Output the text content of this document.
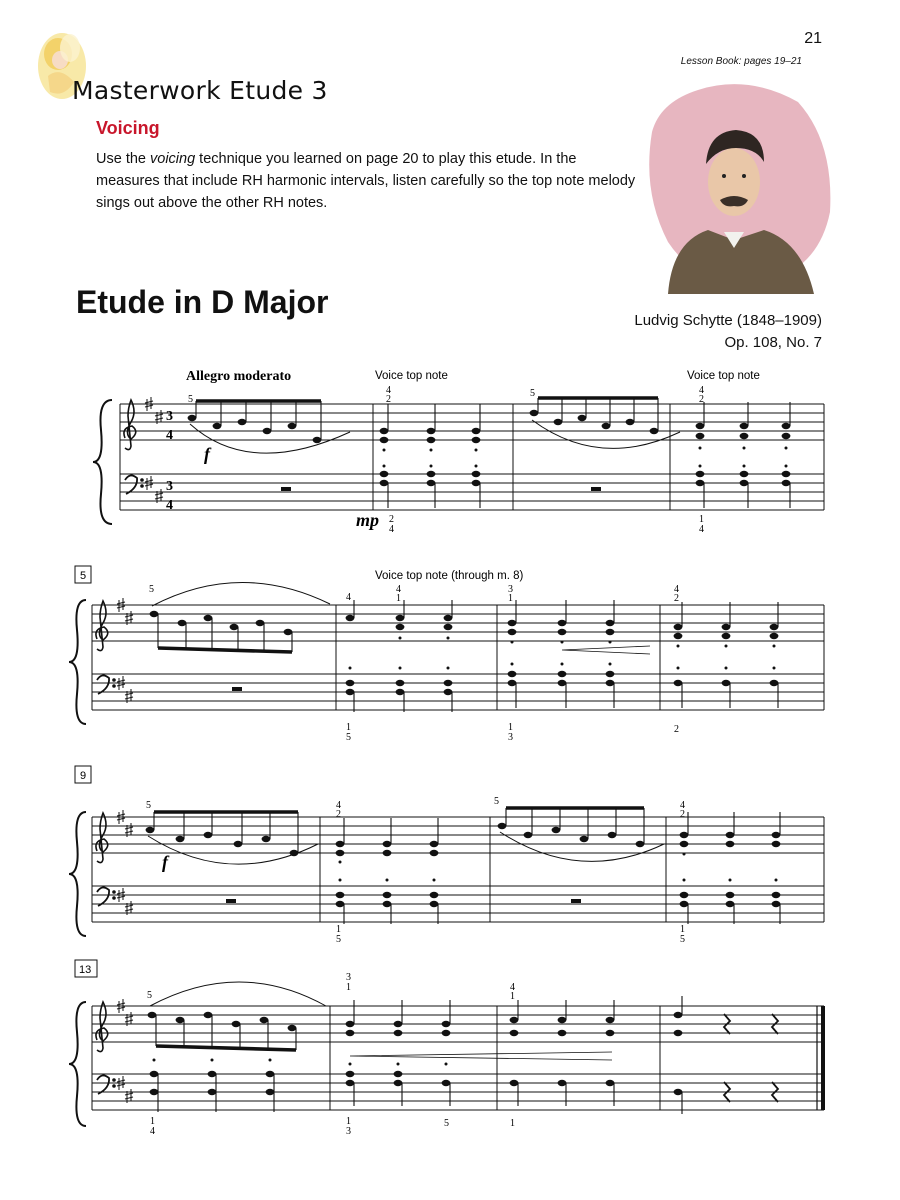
21
Lesson Book: pages 19–21
Masterwork Etude 3
Voicing
Use the voicing technique you learned on page 20 to play this etude. In the measures that include RH harmonic intervals, listen carefully so the top note melody sings out above the other RH notes.
Etude in D Major
Ludvig Schytte (1848–1909)
Op. 108, No. 7
Allegro moderato	Voice top note	Voice top note
Voice top note (through m. 8)
3
4
3
4
f
mp
f
5
9
13
5
4
2
5	4
2
2
4
1
4
5
4
4
1
3
1
4
2
1
5
1
3
2
5	4
2
5	4
2
1
5
1
5
5
3
1	4
1
1
4
1
3
5	1
